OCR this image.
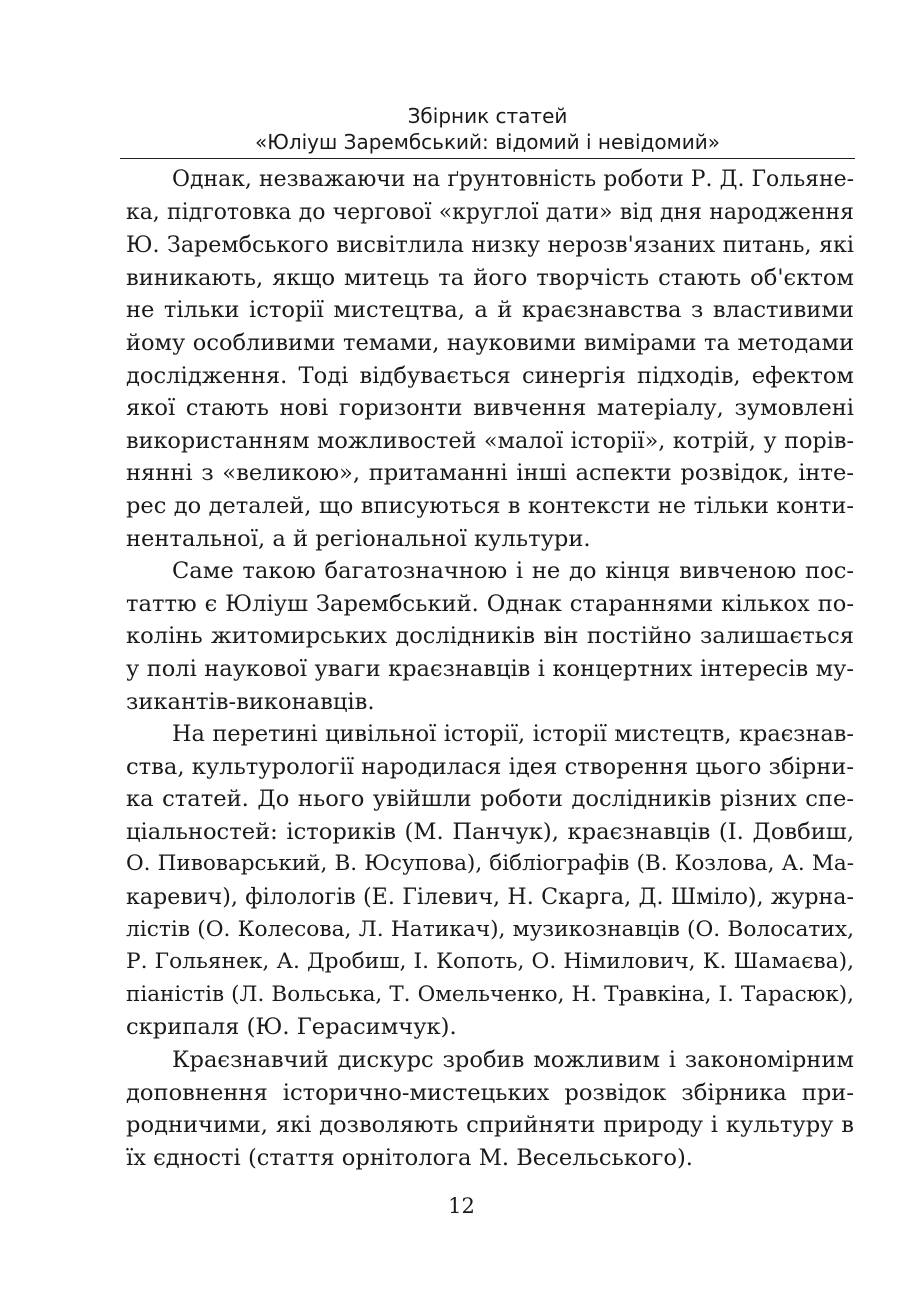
Збірник статей
«Юліуш Зарембський: відомий і невідомий»
Однак, незважаючи на ґрунтовність роботи Р. Д. Гольяне-
ка, підготовка до чергової «круглої дати» від дня народження
Ю. Зарембського висвітлила низку нерозв'язаних питань, які
виникають, якщо митець та його творчість стають об'єктом
не тільки історії мистецтва, а й краєзнавства з властивими
йому особливими темами, науковими вимірами та методами
дослідження. Тоді відбувається синергія підходів, ефектом
якої стають нові горизонти вивчення матеріалу, зумовлені
використанням можливостей «малої історії», котрій, у порів-
нянні з «великою», притаманні інші аспекти розвідок, інте-
рес до деталей, що вписуються в контексти не тільки конти-
нентальної, а й регіональної культури.
Саме такою багатозначною і не до кінця вивченою пос-
таттю є Юліуш Зарембський. Однак стараннями кількох по-
колінь житомирських дослідників він постійно залишається
у полі наукової уваги краєзнавців і концертних інтересів му-
зикантів-виконавців.
На перетині цивільної історії, історії мистецтв, краєзнав-
ства, культурології народилася ідея створення цього збірни-
ка статей. До нього увійшли роботи дослідників різних спе-
ціальностей: істориків (М. Панчук), краєзнавців (І. Довбиш,
О. Пивоварський, В. Юсупова), бібліографів (В. Козлова, А. Ма-
каревич), філологів (Е. Гілевич, Н. Скарга, Д. Шміло), журна-
лістів (О. Колесова, Л. Натикач), музикознавців (О. Волосатих,
Р. Гольянек, А. Дробиш, І. Копоть, О. Німилович, К. Шамаєва),
піаністів (Л. Вольська, Т. Омельченко, Н. Травкіна, І. Тарасюк),
скрипаля (Ю. Герасимчук).
Краєзнавчий дискурс зробив можливим і закономірним
доповнення історично-мистецьких розвідок збірника при-
родничими, які дозволяють сприйняти природу і культуру в
їх єдності (стаття орнітолога М. Весельського).
12
